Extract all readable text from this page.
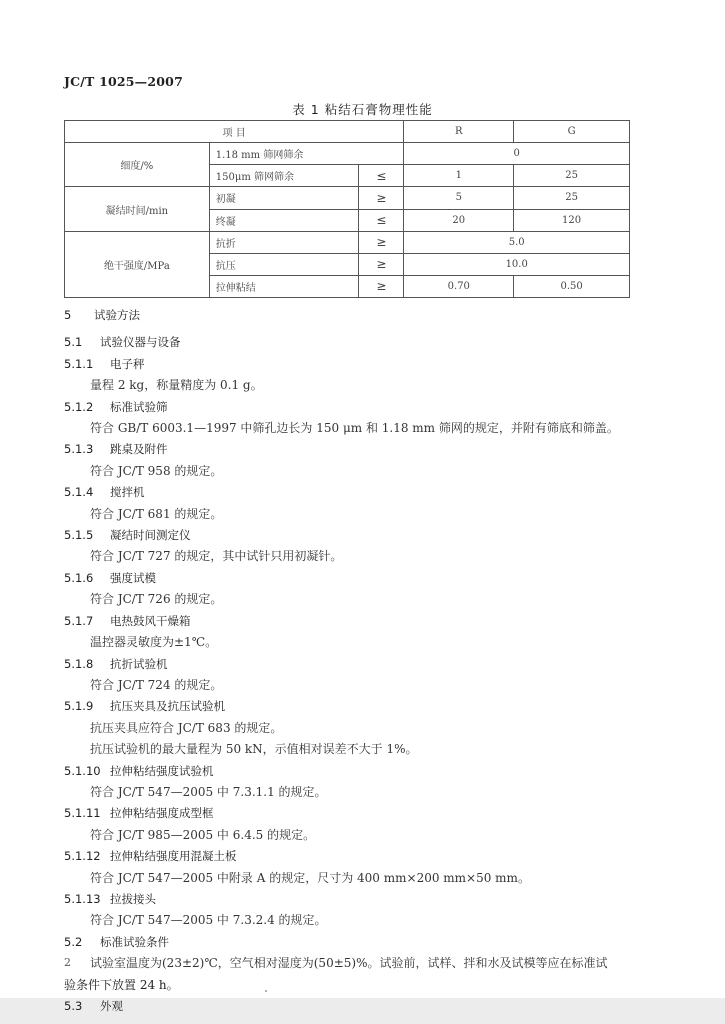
JC/T 1025—2007
表 1 粘结石膏物理性能
项 目			R	G
细度/%	1.18 mm 筛网筛余		0	
	150μm 筛网筛余	≤	1	25
凝结时间/min	初凝	≥	5	25
	终凝	≤	20	120
绝干强度/MPa	抗折	≥	5.0	
	抗压	≥	10.0	
	拉伸粘结	≥	0.70	0.50
5 试验方法
5.1 试验仪器与设备
5.1.1 电子秤
量程 2 kg，称量精度为 0.1 g。
5.1.2 标准试验筛
符合 GB/T 6003.1—1997 中筛孔边长为 150 μm 和 1.18 mm 筛网的规定，并附有筛底和筛盖。
5.1.3 跳桌及附件
符合 JC/T 958 的规定。
5.1.4 搅拌机
符合 JC/T 681 的规定。
5.1.5 凝结时间测定仪
符合 JC/T 727 的规定，其中试针只用初凝针。
5.1.6 强度试模
符合 JC/T 726 的规定。
5.1.7 电热鼓风干燥箱
温控器灵敏度为±1℃。
5.1.8 抗折试验机
符合 JC/T 724 的规定。
5.1.9 抗压夹具及抗压试验机
抗压夹具应符合 JC/T 683 的规定。
抗压试验机的最大量程为 50 kN，示值相对误差不大于 1%。
5.1.10 拉伸粘结强度试验机
符合 JC/T 547—2005 中 7.3.1.1 的规定。
5.1.11 拉伸粘结强度成型框
符合 JC/T 985—2005 中 6.4.5 的规定。
5.1.12 拉伸粘结强度用混凝土板
符合 JC/T 547—2005 中附录 A 的规定，尺寸为 400 mm×200 mm×50 mm。
5.1.13 拉拔接头
符合 JC/T 547—2005 中 7.3.2.4 的规定。
5.2 标准试验条件
试验室温度为(23±2)℃，空气相对湿度为(50±5)%。试验前，试样、拌和水及试模等应在标准试
验条件下放置 24 h。
5.3 外观
2
